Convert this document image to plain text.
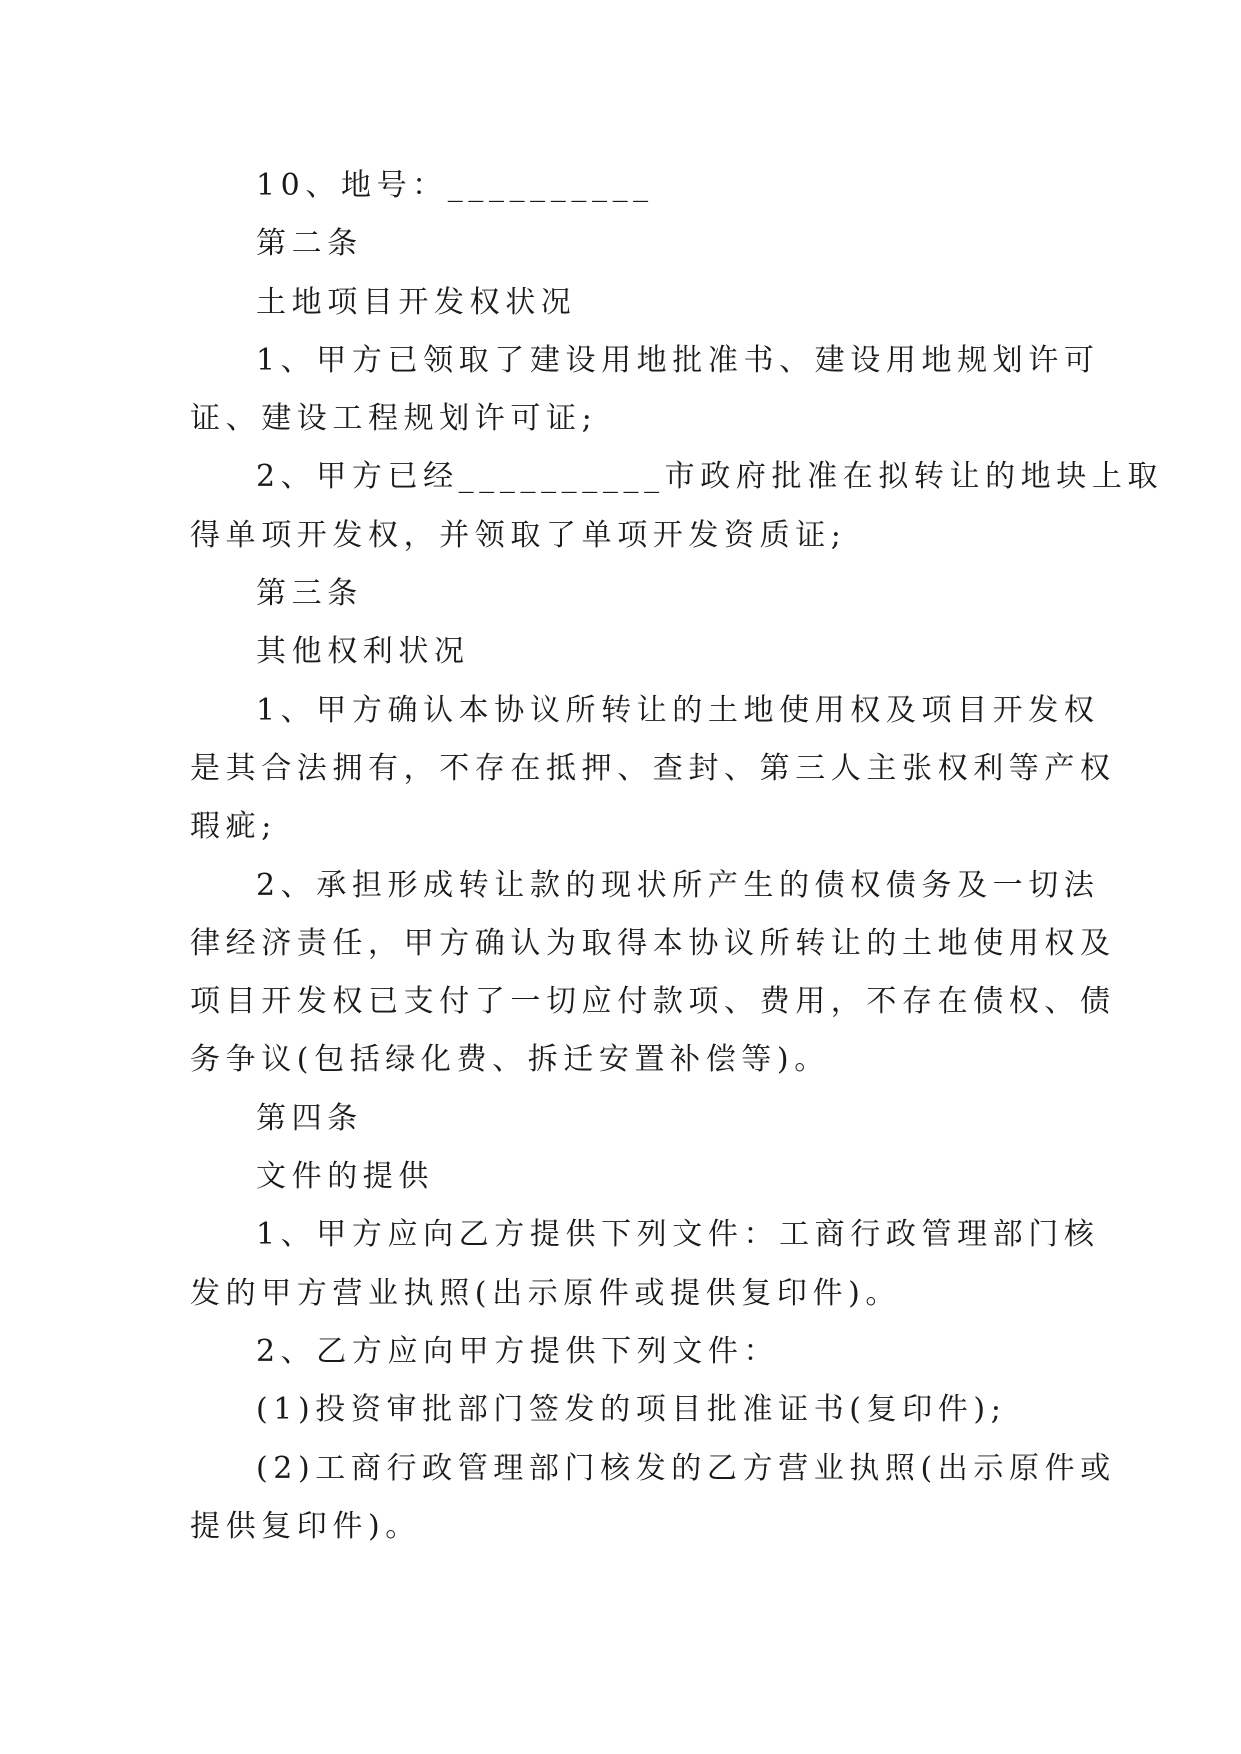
10、地号：__________

第二条

土地项目开发权状况

1、甲方已领取了建设用地批准书、建设用地规划许可

证、建设工程规划许可证;

2、甲方已经__________市政府批准在拟转让的地块上取

得单项开发权，并领取了单项开发资质证;

第三条

其他权利状况

1、甲方确认本协议所转让的土地使用权及项目开发权

是其合法拥有，不存在抵押、查封、第三人主张权利等产权

瑕疵;

2、承担形成转让款的现状所产生的债权债务及一切法

律经济责任，甲方确认为取得本协议所转让的土地使用权及

项目开发权已支付了一切应付款项、费用，不存在债权、债

务争议(包括绿化费、拆迁安置补偿等)。

第四条

文件的提供

1、甲方应向乙方提供下列文件：工商行政管理部门核

发的甲方营业执照(出示原件或提供复印件)。

2、乙方应向甲方提供下列文件：

(1)投资审批部门签发的项目批准证书(复印件);

(2)工商行政管理部门核发的乙方营业执照(出示原件或

提供复印件)。
